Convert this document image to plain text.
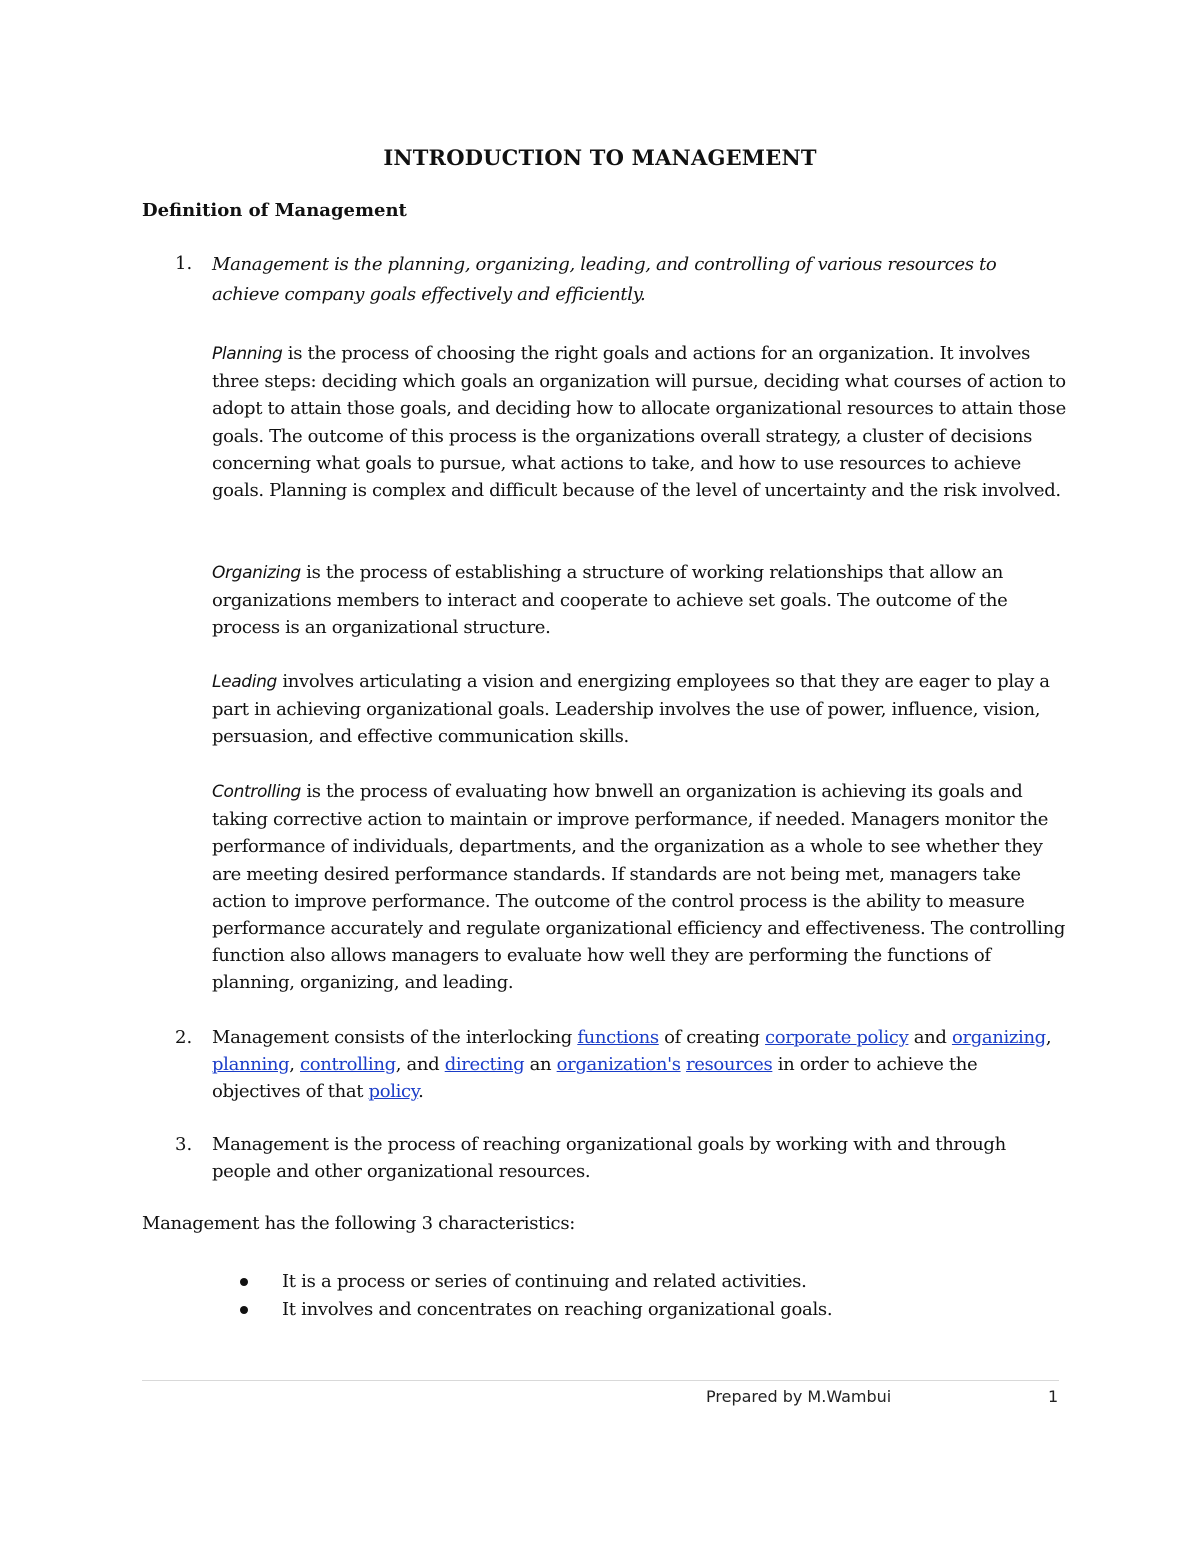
INTRODUCTION TO MANAGEMENT
Definition of Management
1. Management is the planning, organizing, leading, and controlling of various resources to achieve company goals effectively and efficiently.

Planning is the process of choosing the right goals and actions for an organization. It involves three steps: deciding which goals an organization will pursue, deciding what courses of action to adopt to attain those goals, and deciding how to allocate organizational resources to attain those goals. The outcome of this process is the organizations overall strategy, a cluster of decisions concerning what goals to pursue, what actions to take, and how to use resources to achieve goals. Planning is complex and difficult because of the level of uncertainty and the risk involved.

Organizing is the process of establishing a structure of working relationships that allow an organizations members to interact and cooperate to achieve set goals. The outcome of the process is an organizational structure.

Leading involves articulating a vision and energizing employees so that they are eager to play a part in achieving organizational goals. Leadership involves the use of power, influence, vision, persuasion, and effective communication skills.

Controlling is the process of evaluating how bnwell an organization is achieving its goals and taking corrective action to maintain or improve performance, if needed. Managers monitor the performance of individuals, departments, and the organization as a whole to see whether they are meeting desired performance standards. If standards are not being met, managers take action to improve performance. The outcome of the control process is the ability to measure performance accurately and regulate organizational efficiency and effectiveness. The controlling function also allows managers to evaluate how well they are performing the functions of planning, organizing, and leading.

2. Management consists of the interlocking functions of creating corporate policy and organizing, planning, controlling, and directing an organization's resources in order to achieve the objectives of that policy.

3. Management is the process of reaching organizational goals by working with and through people and other organizational resources.

Management has the following 3 characteristics:

It is a process or series of continuing and related activities.
It involves and concentrates on reaching organizational goals.
Prepared by M.Wambui	1
